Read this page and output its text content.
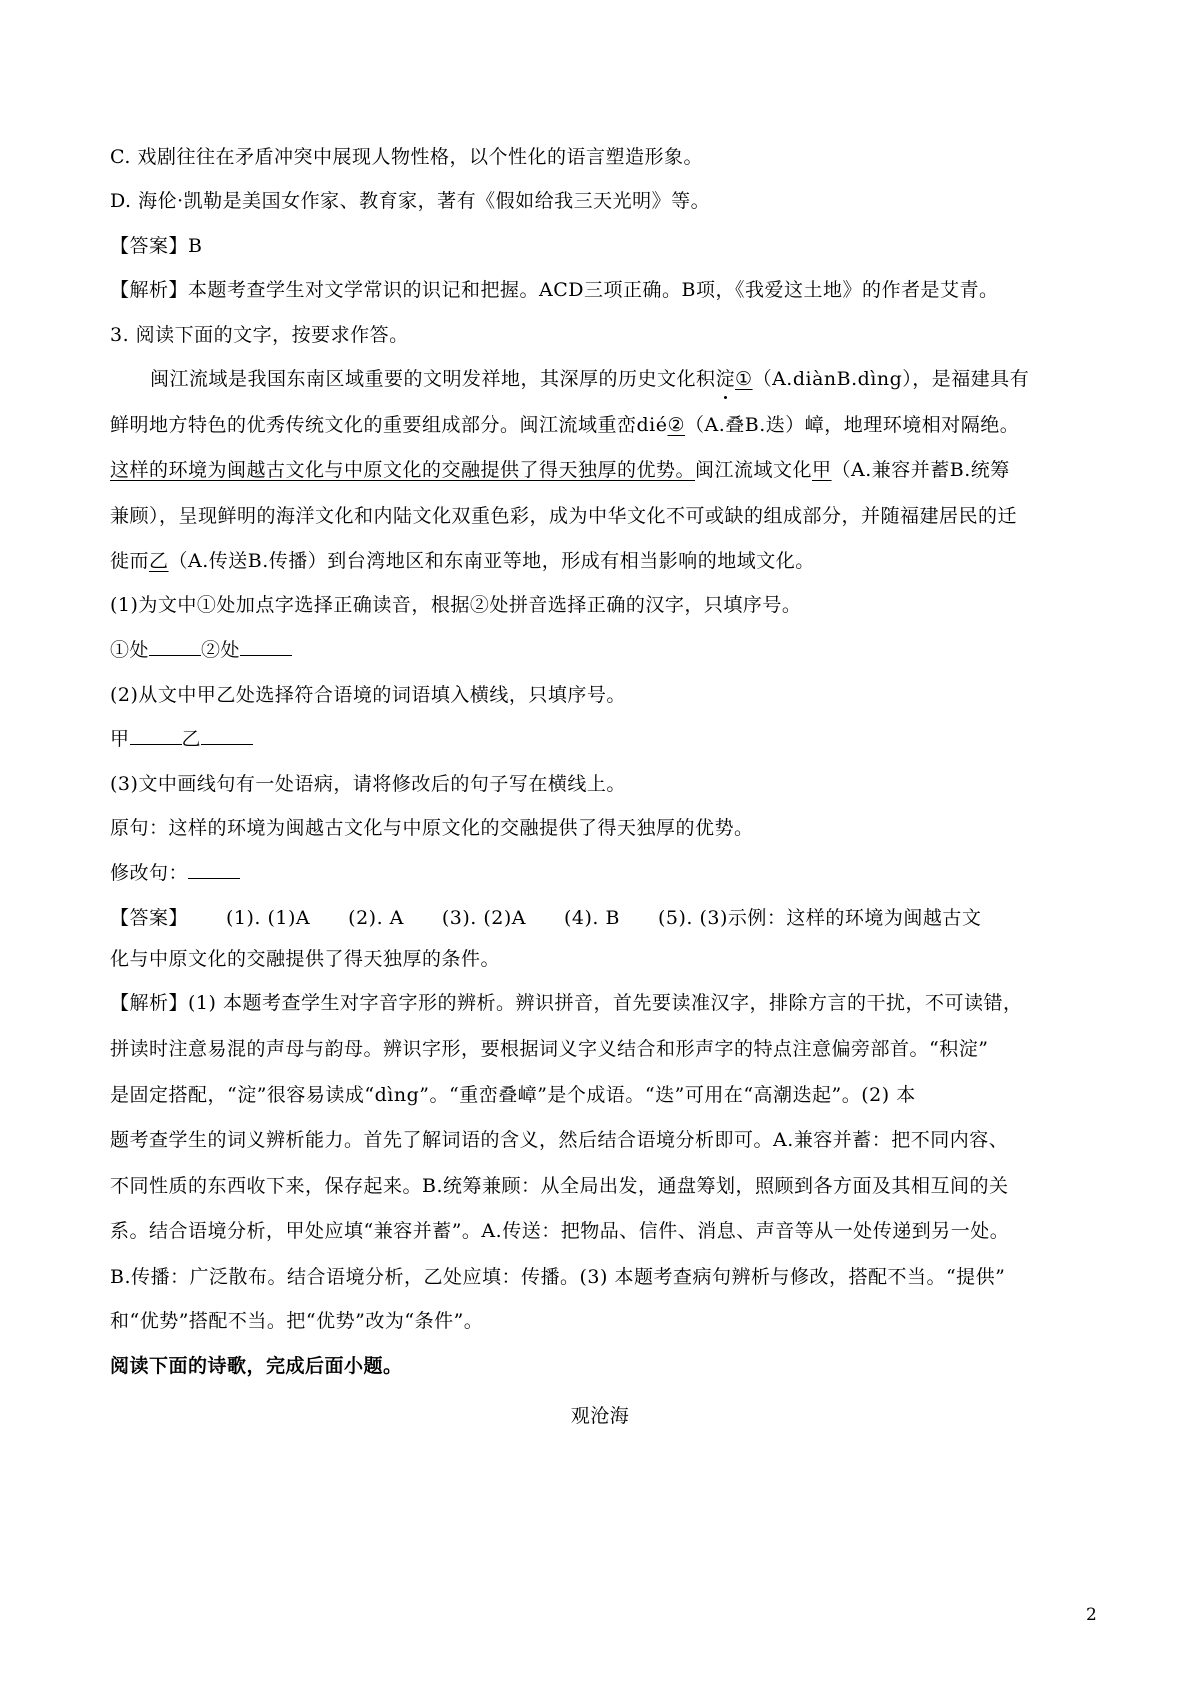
C. 戏剧往往在矛盾冲突中展现人物性格，以个性化的语言塑造形象。
D. 海伦·凯勒是美国女作家、教育家，著有《假如给我三天光明》等。
【答案】B
【解析】本题考查学生对文学常识的识记和把握。ACD三项正确。B项，《我爱这土地》的作者是艾青。
3. 阅读下面的文字，按要求作答。
闽江流域是我国东南区域重要的文明发祥地，其深厚的历史文化积淀①（A.diànB.dìng），是福建具有
鲜明地方特色的优秀传统文化的重要组成部分。闽江流域重峦dié②（A.叠B.迭）嶂，地理环境相对隔绝。
这样的环境为闽越古文化与中原文化的交融提供了得天独厚的优势。闽江流域文化甲（A.兼容并蓄B.统筹
兼顾），呈现鲜明的海洋文化和内陆文化双重色彩，成为中华文化不可或缺的组成部分，并随福建居民的迁
徙而乙（A.传送B.传播）到台湾地区和东南亚等地，形成有相当影响的地域文化。
(1)为文中①处加点字选择正确读音，根据②处拼音选择正确的汉字，只填序号。
①处	②处
(2)从文中甲乙处选择符合语境的词语填入横线，只填序号。
甲	乙
(3)文中画线句有一处语病，请将修改后的句子写在横线上。
原句：这样的环境为闽越古文化与中原文化的交融提供了得天独厚的优势。
修改句：
【答案】 (1). (1)A (2). A (3). (2)A (4). B (5). (3)示例：这样的环境为闽越古文
化与中原文化的交融提供了得天独厚的条件。
【解析】(1) 本题考查学生对字音字形的辨析。辨识拼音，首先要读准汉字，排除方言的干扰，不可读错，
拼读时注意易混的声母与韵母。辨识字形，要根据词义字义结合和形声字的特点注意偏旁部首。“积淀”
是固定搭配，“淀”很容易读成“dìng”。“重峦叠嶂”是个成语。“迭”可用在“高潮迭起”。(2) 本
题考查学生的词义辨析能力。首先了解词语的含义，然后结合语境分析即可。A.兼容并蓄：把不同内容、
不同性质的东西收下来，保存起来。B.统筹兼顾：从全局出发，通盘筹划，照顾到各方面及其相互间的关
系。结合语境分析，甲处应填“兼容并蓄”。A.传送：把物品、信件、消息、声音等从一处传递到另一处。
B.传播：广泛散布。结合语境分析，乙处应填：传播。(3) 本题考查病句辨析与修改，搭配不当。“提供”
和“优势”搭配不当。把“优势”改为“条件”。
阅读下面的诗歌，完成后面小题。
观沧海
2
